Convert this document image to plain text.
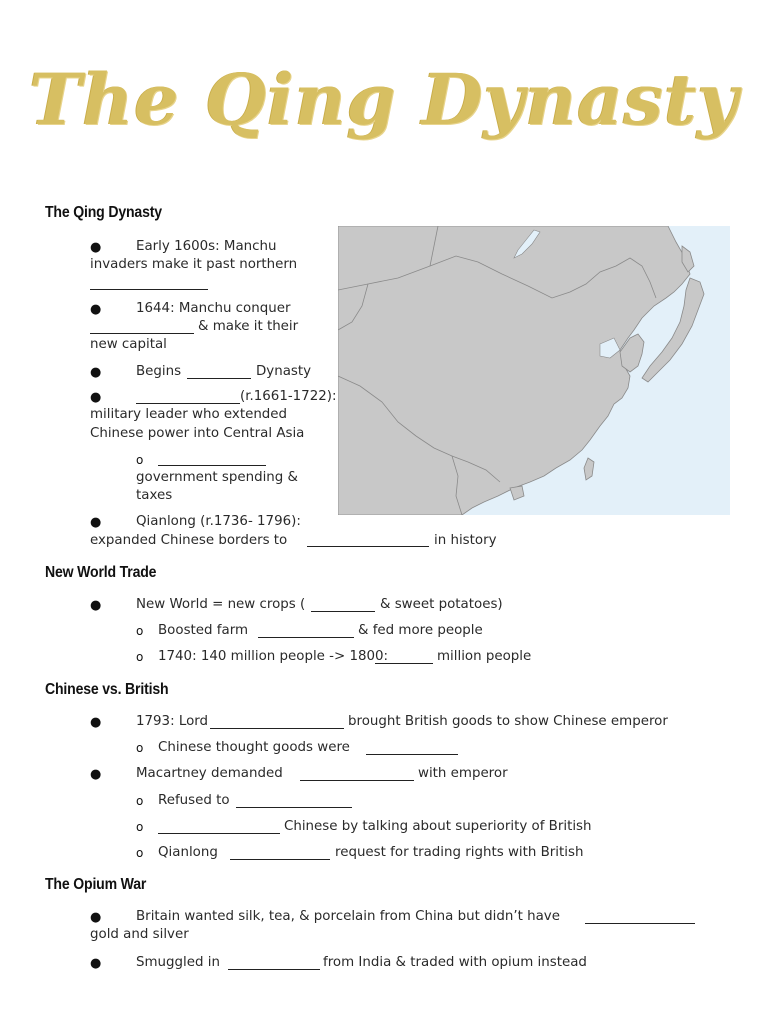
The Qing Dynasty
The Qing Dynasty
●	Early 1600s: Manchu
invaders make it past northern
●	1644: Manchu conquer
& make it their
new capital
●	Begins	Dynasty
●	(r.1661-1722):
military leader who extended
Chinese power into Central Asia
o
government spending &
taxes
●	Qianlong (r.1736- 1796):
expanded Chinese borders to	in history
New World Trade
●	New World = new crops (	& sweet potatoes)
o Boosted farm	& fed more people
o 1740: 140 million people -> 1800:	million people
Chinese vs. British
●	1793: Lord	brought British goods to show Chinese emperor
o Chinese thought goods were
●	Macartney demanded	with emperor
o Refused to
o	Chinese by talking about superiority of British
o Qianlong	request for trading rights with British
The Opium War
●	Britain wanted silk, tea, & porcelain from China but didn’t have
gold and silver
●	Smuggled in	from India & traded with opium instead
